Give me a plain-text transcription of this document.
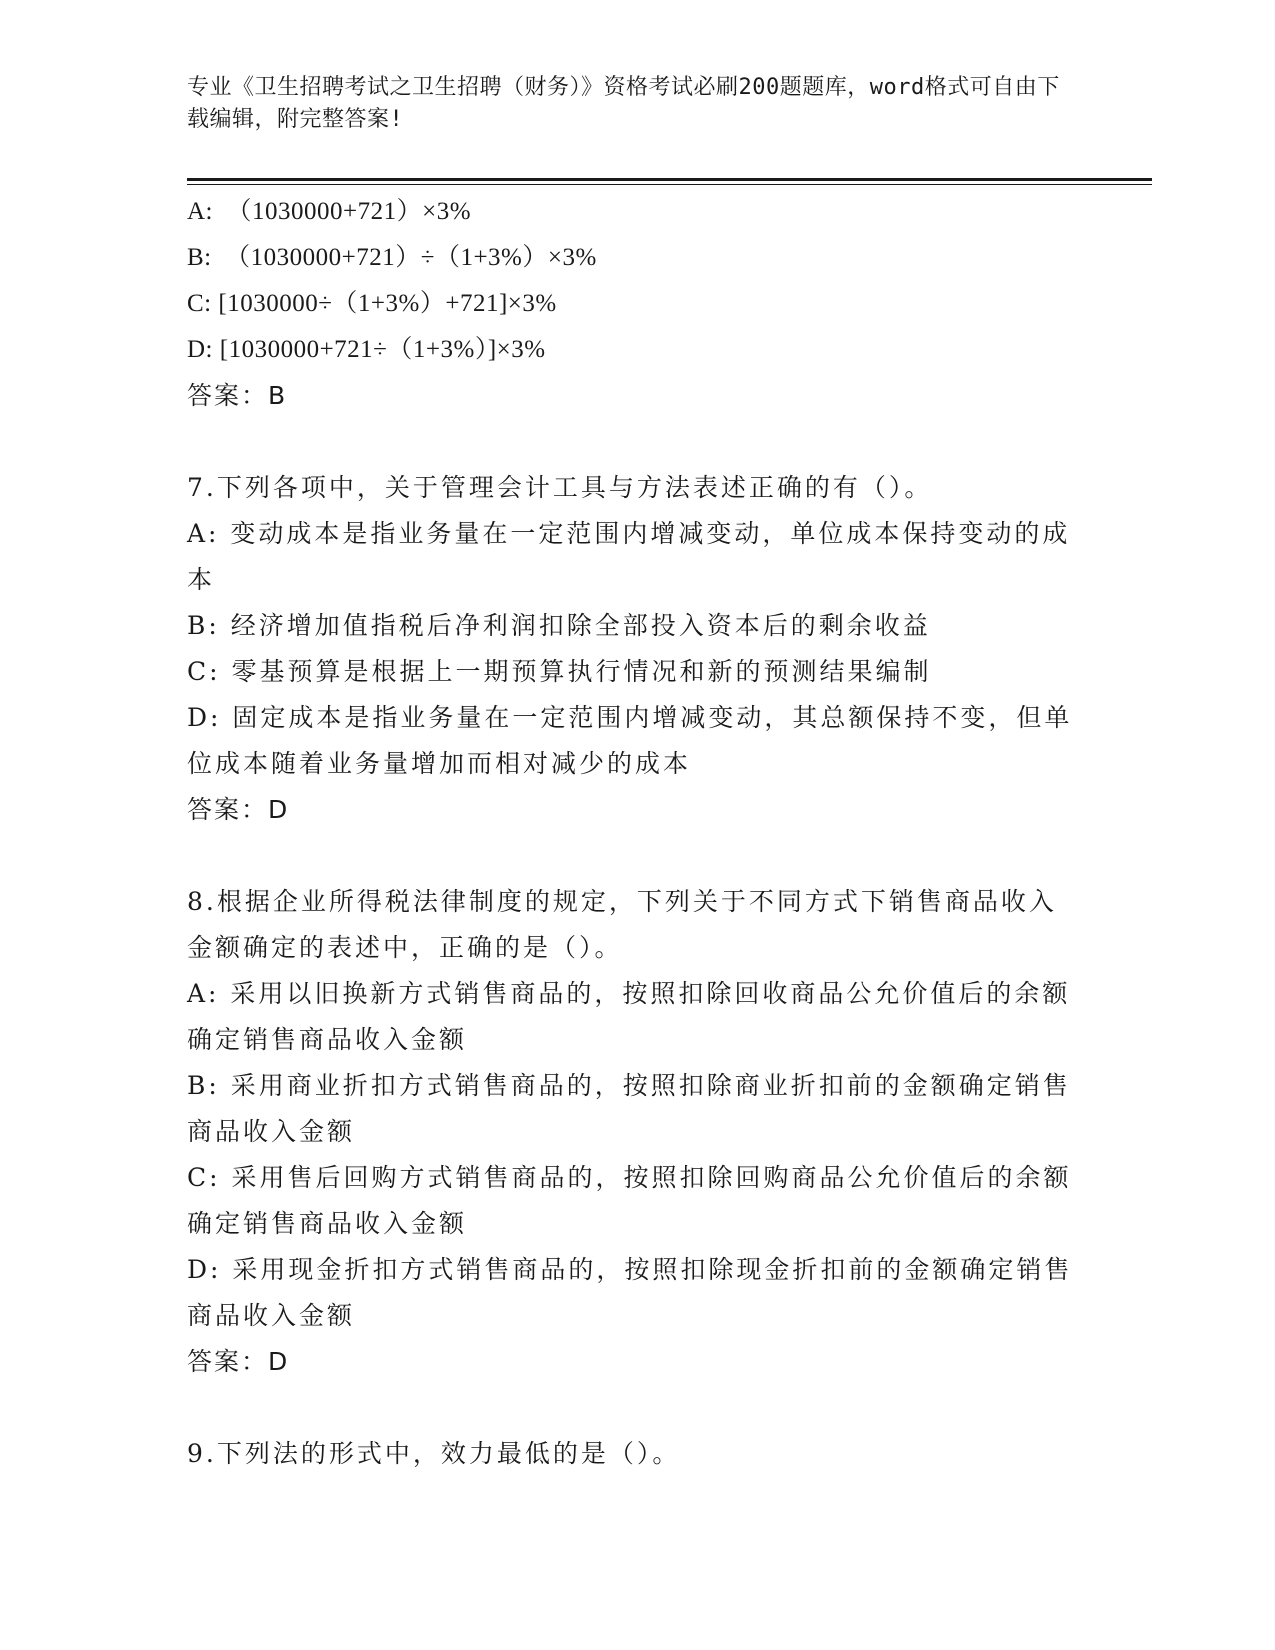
专业《卫生招聘考试之卫生招聘（财务）》资格考试必刷200题题库，word格式可自由下载编辑，附完整答案!
A:  （1030000+721）×3%
B:  （1030000+721）÷（1+3%）×3%
C: [1030000÷（1+3%）+721]×3%
D: [1030000+721÷（1+3%）]×3%
答案：B
7.下列各项中，关于管理会计工具与方法表述正确的有（）。
A: 变动成本是指业务量在一定范围内增减变动，单位成本保持变动的成本
B: 经济增加值指税后净利润扣除全部投入资本后的剩余收益
C: 零基预算是根据上一期预算执行情况和新的预测结果编制
D: 固定成本是指业务量在一定范围内增减变动，其总额保持不变，但单位成本随着业务量增加而相对减少的成本
答案：D
8.根据企业所得税法律制度的规定，下列关于不同方式下销售商品收入金额确定的表述中，正确的是（）。
A: 采用以旧换新方式销售商品的，按照扣除回收商品公允价值后的余额确定销售商品收入金额
B: 采用商业折扣方式销售商品的，按照扣除商业折扣前的金额确定销售商品收入金额
C: 采用售后回购方式销售商品的，按照扣除回购商品公允价值后的余额确定销售商品收入金额
D: 采用现金折扣方式销售商品的，按照扣除现金折扣前的金额确定销售商品收入金额
答案：D
9.下列法的形式中，效力最低的是（）。
